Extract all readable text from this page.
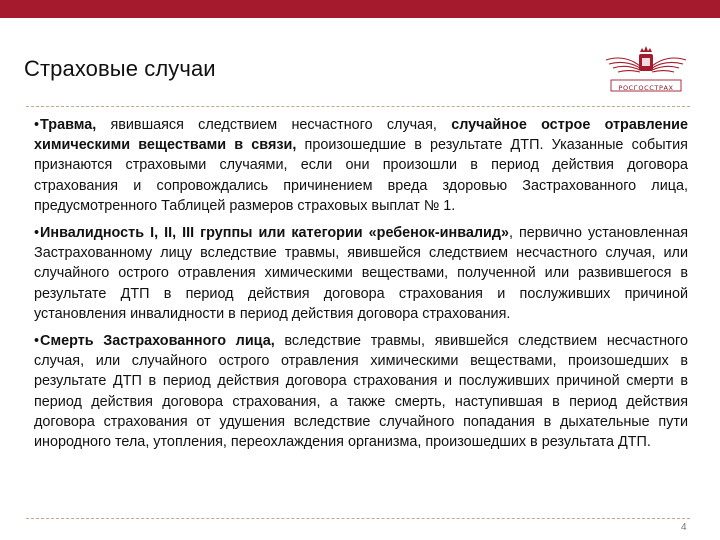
Страховые случаи
РОСГОССТРАХ

•Травма, явившаяся следствием несчастного случая, случайное острое отравление химическими веществами в связи, произошедшие в результате ДТП. Указанные события признаются страховыми случаями, если они произошли в период действия договора страхования и сопровождались причинением вреда здоровью Застрахованного лица, предусмотренного Таблицей размеров страховых выплат № 1.

•Инвалидность I, II, III группы или категории «ребенок-инвалид», первично установленная Застрахованному лицу вследствие травмы, явившейся следствием несчастного случая, или случайного острого отравления химическими веществами, полученной или развившегося в результате ДТП в период действия договора страхования и послуживших причиной установления инвалидности в период действия договора страхования.

•Смерть Застрахованного лица, вследствие травмы, явившейся следствием несчастного случая, или случайного острого отравления химическими веществами, произошедших в результате ДТП в период действия договора страхования и послуживших причиной смерти в период действия договора страхования, а также смерть, наступившая в период действия договора страхования от удушения вследствие случайного попадания в дыхательные пути инородного тела, утопления, переохлаждения организма, произошедших в результата ДТП.

4
